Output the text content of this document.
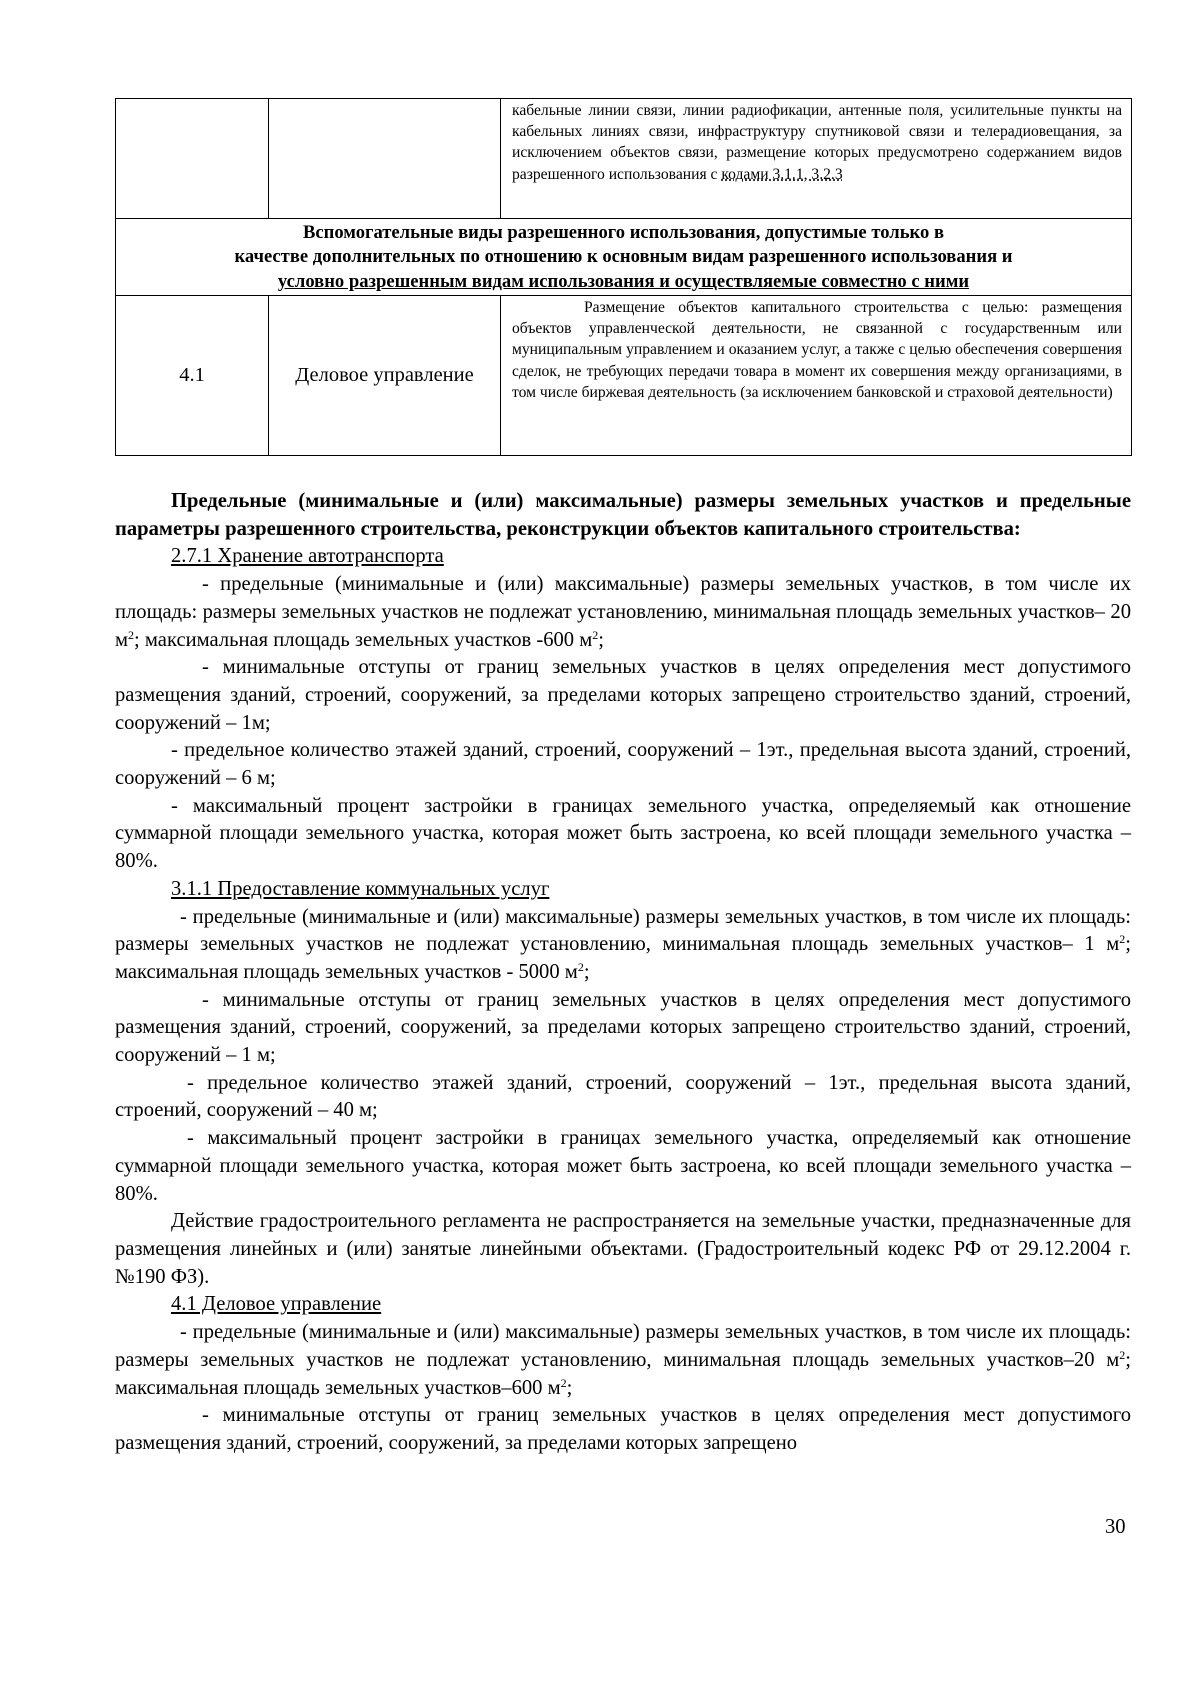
		кабельные линии связи, линии радиофикации, антенные поля, усилительные пункты на кабельных линиях связи, инфраструктуру спутниковой связи и телерадиовещания, за исключением объектов связи, размещение которых предусмотрено содержанием видов разрешенного использования с кодами 3.1.1, 3.2.3

Вспомогательные виды разрешенного использования, допустимые только в
качестве дополнительных по отношению к основным видам разрешенного использования и
условно разрешенным видам использования и осуществляемые совместно с ними		

4.1	Деловое управление	Размещение объектов капитального строительства с целью: размещения объектов управленческой деятельности, не связанной с государственным или муниципальным управлением и оказанием услуг, а также с целью обеспечения совершения сделок, не требующих передачи товара в момент их совершения между организациями, в том числе биржевая деятельность (за исключением банковской и страховой деятельности)

Предельные (минимальные и (или) максимальные) размеры земельных участков и предельные параметры разрешенного строительства, реконструкции объектов капитального строительства:

2.7.1 Хранение автотранспорта

- предельные (минимальные и (или) максимальные) размеры земельных участков, в том числе их площадь: размеры земельных участков не подлежат установлению, минимальная площадь земельных участков– 20 $м^2$; максимальная площадь земельных участков -600 $м^2$;

- минимальные отступы от границ земельных участков в целях определения мест допустимого размещения зданий, строений, сооружений, за пределами которых запрещено строительство зданий, строений, сооружений – 1м;

- предельное количество этажей зданий, строений, сооружений – 1эт., предельная высота зданий, строений, сооружений – 6 м;

- максимальный процент застройки в границах земельного участка, определяемый как отношение суммарной площади земельного участка, которая может быть застроена, ко всей площади земельного участка – 80%.

3.1.1 Предоставление коммунальных услуг

- предельные (минимальные и (или) максимальные) размеры земельных участков, в том числе их площадь: размеры земельных участков не подлежат установлению, минимальная площадь земельных участков– 1 $м^2$; максимальная площадь земельных участков - 5000 $м^2$;

- минимальные отступы от границ земельных участков в целях определения мест допустимого размещения зданий, строений, сооружений, за пределами которых запрещено строительство зданий, строений, сооружений – 1 м;

- предельное количество этажей зданий, строений, сооружений – 1эт., предельная высота зданий, строений, сооружений – 40 м;

- максимальный процент застройки в границах земельного участка, определяемый как отношение суммарной площади земельного участка, которая может быть застроена, ко всей площади земельного участка – 80%.

Действие градостроительного регламента не распространяется на земельные участки, предназначенные для размещения линейных и (или) занятые линейными объектами. (Градостроительный кодекс РФ от 29.12.2004 г. №190 ФЗ).

4.1 Деловое управление

- предельные (минимальные и (или) максимальные) размеры земельных участков, в том числе их площадь: размеры земельных участков не подлежат установлению, минимальная площадь земельных участков–20 $м^2$; максимальная площадь земельных участков–600 $м^2$;

- минимальные отступы от границ земельных участков в целях определения мест допустимого размещения зданий, строений, сооружений, за пределами которых запрещено

30
